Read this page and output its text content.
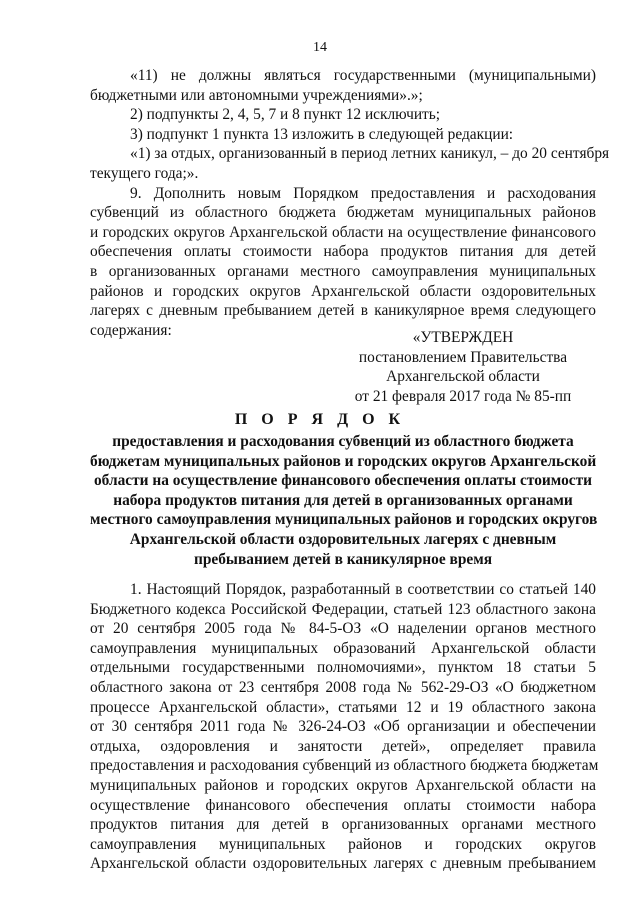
14
«11) не должны являться государственными (муниципальными)
бюджетными или автономными учреждениями».»;
2) подпункты 2, 4, 5, 7 и 8 пункт 12 исключить;
3) подпункт 1 пункта 13 изложить в следующей редакции:
«1) за отдых, организованный в период летних каникул, – до 20 сентября
текущего года;».
9. Дополнить новым Порядком предоставления и расходования
субвенций из областного бюджета бюджетам муниципальных районов
и городских округов Архангельской области на осуществление финансового
обеспечения оплаты стоимости набора продуктов питания для детей
в организованных органами местного самоуправления муниципальных
районов и городских округов Архангельской области оздоровительных
лагерях с дневным пребыванием детей в каникулярное время следующего
содержания:	«УТВЕРЖДЕН
постановлением Правительства
Архангельской области
от 21 февраля 2017 года № 85-пп
П О Р Я Д О К
предоставления и расходования субвенций из областного бюджета
бюджетам муниципальных районов и городских округов Архангельской
области на осуществление финансового обеспечения оплаты стоимости
набора продуктов питания для детей в организованных органами
местного самоуправления муниципальных районов и городских округов
Архангельской области оздоровительных лагерях с дневным
пребыванием детей в каникулярное время
1. Настоящий Порядок, разработанный в соответствии со статьей 140
Бюджетного кодекса Российской Федерации, статьей 123 областного закона
от 20 сентября 2005 года № 84-5-ОЗ «О наделении органов местного
самоуправления муниципальных образований Архангельской области
отдельными государственными полномочиями», пунктом 18 статьи 5
областного закона от 23 сентября 2008 года № 562-29-ОЗ «О бюджетном
процессе Архангельской области», статьями 12 и 19 областного закона
от 30 сентября 2011 года № 326-24-ОЗ «Об организации и обеспечении
отдыха, оздоровления и занятости детей», определяет правила
предоставления и расходования субвенций из областного бюджета бюджетам
муниципальных районов и городских округов Архангельской области на
осуществление финансового обеспечения оплаты стоимости набора
продуктов питания для детей в организованных органами местного
самоуправления муниципальных районов и городских округов
Архангельской области оздоровительных лагерях с дневным пребыванием
